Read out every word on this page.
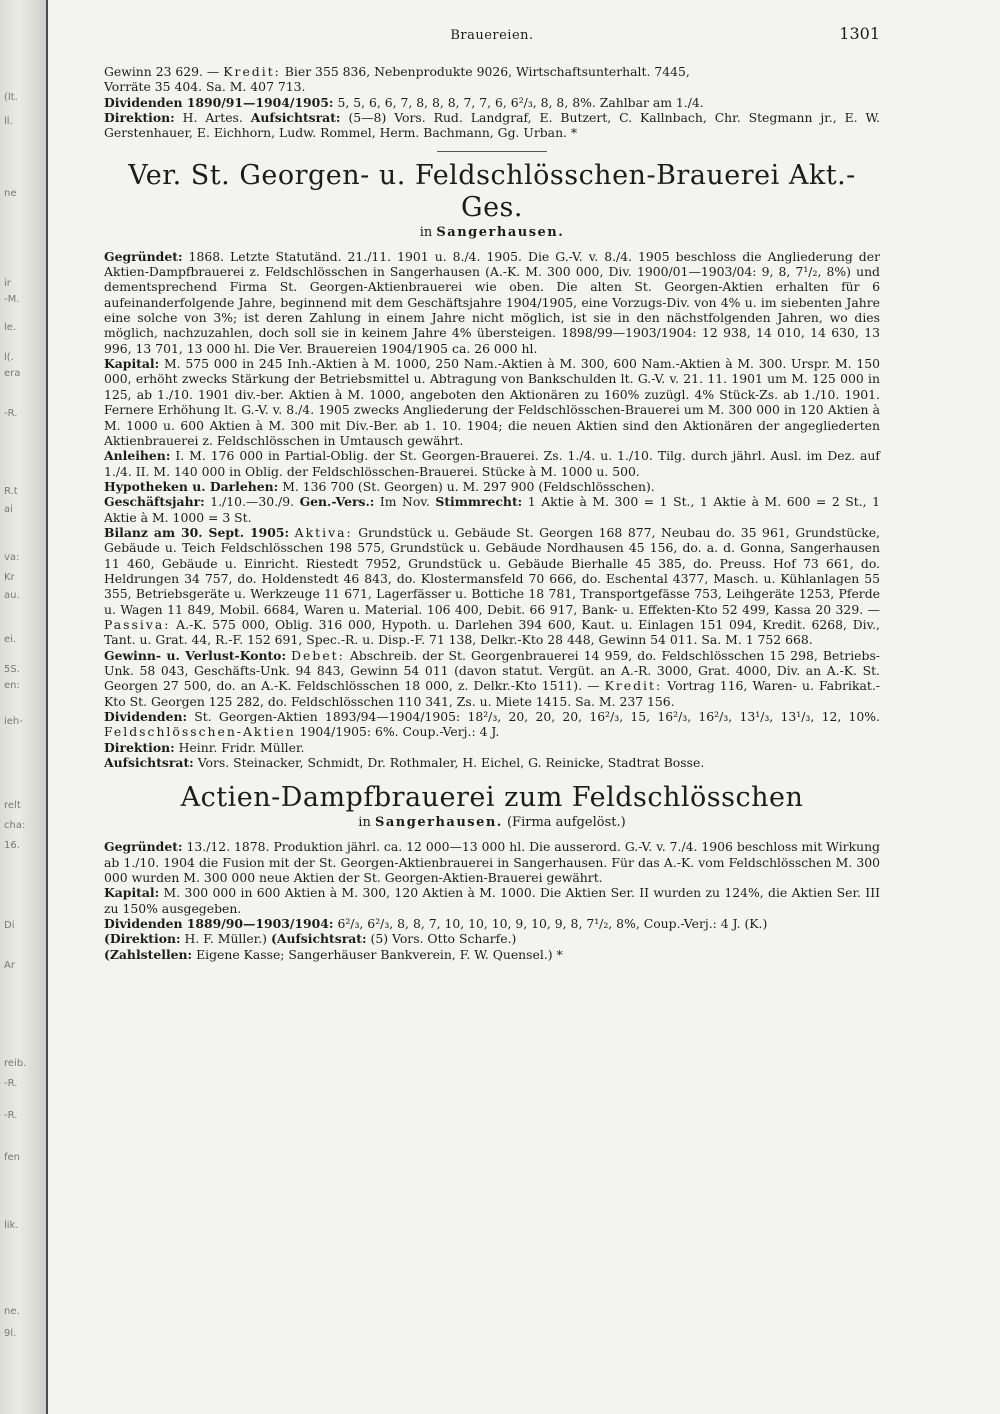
(lt.
ll.
ne
ir
-M.
le.
l(.
era
-R.
R.t
ai
va:
Kr
au.
ei.
5S.
en:
ieh-
relt
cha:
16.
Di
Ar
reib.
-R.
-R.
fen
lik.
ne.
9l.
Brauereien.	1301

Gewinn 23 629. — Kredit: Bier 355 836, Nebenprodukte 9026, Wirtschaftsunterhalt. 7445,

Vorräte 35 404. Sa. M. 407 713.

Dividenden 1890/91—1904/1905: 5, 5, 6, 6, 7, 8, 8, 8, 7, 7, 6, 6²/₃, 8, 8, 8%. Zahlbar am 1./4.

Direktion: H. Artes. Aufsichtsrat: (5—8) Vors. Rud. Landgraf, E. Butzert, C. Kallnbach, Chr. Stegmann jr., E. W. Gerstenhauer, E. Eichhorn, Ludw. Rommel, Herm. Bachmann, Gg. Urban. *

Ver. St. Georgen- u. Feldschlösschen-Brauerei Akt.-Ges.
in Sangerhausen.

Gegründet: 1868. Letzte Statutänd. 21./11. 1901 u. 8./4. 1905. Die G.-V. v. 8./4. 1905 beschloss die Angliederung der Aktien-Dampfbrauerei z. Feldschlösschen in Sangerhausen (A.-K. M. 300 000, Div. 1900/01—1903/04: 9, 8, 7¹/₂, 8%) und dementsprechend Firma St. Georgen-Aktienbrauerei wie oben. Die alten St. Georgen-Aktien erhalten für 6 aufeinanderfolgende Jahre, beginnend mit dem Geschäftsjahre 1904/1905, eine Vorzugs-Div. von 4% u. im siebenten Jahre eine solche von 3%; ist deren Zahlung in einem Jahre nicht möglich, ist sie in den nächstfolgenden Jahren, wo dies möglich, nachzuzahlen, doch soll sie in keinem Jahre 4% übersteigen. 1898/99—1903/1904: 12 938, 14 010, 14 630, 13 996, 13 701, 13 000 hl. Die Ver. Brauereien 1904/1905 ca. 26 000 hl.

Kapital: M. 575 000 in 245 Inh.-Aktien à M. 1000, 250 Nam.-Aktien à M. 300, 600 Nam.-Aktien à M. 300. Urspr. M. 150 000, erhöht zwecks Stärkung der Betriebsmittel u. Abtragung von Bankschulden lt. G.-V. v. 21. 11. 1901 um M. 125 000 in 125, ab 1./10. 1901 div.-ber. Aktien à M. 1000, angeboten den Aktionären zu 160% zuzügl. 4% Stück-Zs. ab 1./10. 1901. Fernere Erhöhung lt. G.-V. v. 8./4. 1905 zwecks Angliederung der Feldschlösschen-Brauerei um M. 300 000 in 120 Aktien à M. 1000 u. 600 Aktien à M. 300 mit Div.-Ber. ab 1. 10. 1904; die neuen Aktien sind den Aktionären der angegliederten Aktienbrauerei z. Feldschlösschen in Umtausch gewährt.

Anleihen: I. M. 176 000 in Partial-Oblig. der St. Georgen-Brauerei. Zs. 1./4. u. 1./10. Tilg. durch jährl. Ausl. im Dez. auf 1./4. II. M. 140 000 in Oblig. der Feldschlösschen-Brauerei. Stücke à M. 1000 u. 500.

Hypotheken u. Darlehen: M. 136 700 (St. Georgen) u. M. 297 900 (Feldschlösschen).

Geschäftsjahr: 1./10.—30./9. Gen.-Vers.: Im Nov. Stimmrecht: 1 Aktie à M. 300 = 1 St., 1 Aktie à M. 600 = 2 St., 1 Aktie à M. 1000 = 3 St.

Bilanz am 30. Sept. 1905: Aktiva: Grundstück u. Gebäude St. Georgen 168 877, Neubau do. 35 961, Grundstücke, Gebäude u. Teich Feldschlösschen 198 575, Grundstück u. Gebäude Nordhausen 45 156, do. a. d. Gonna, Sangerhausen 11 460, Gebäude u. Einricht. Riestedt 7952, Grundstück u. Gebäude Bierhalle 45 385, do. Preuss. Hof 73 661, do. Heldrungen 34 757, do. Holdenstedt 46 843, do. Klostermansfeld 70 666, do. Eschental 4377, Masch. u. Kühlanlagen 55 355, Betriebsgeräte u. Werkzeuge 11 671, Lagerfässer u. Bottiche 18 781, Transportgefässe 753, Leihgeräte 1253, Pferde u. Wagen 11 849, Mobil. 6684, Waren u. Material. 106 400, Debit. 66 917, Bank- u. Effekten-Kto 52 499, Kassa 20 329. — Passiva: A.-K. 575 000, Oblig. 316 000, Hypoth. u. Darlehen 394 600, Kaut. u. Einlagen 151 094, Kredit. 6268, Div., Tant. u. Grat. 44, R.-F. 152 691, Spec.-R. u. Disp.-F. 71 138, Delkr.-Kto 28 448, Gewinn 54 011. Sa. M. 1 752 668.

Gewinn- u. Verlust-Konto: Debet: Abschreib. der St. Georgenbrauerei 14 959, do. Feldschlösschen 15 298, Betriebs-Unk. 58 043, Geschäfts-Unk. 94 843, Gewinn 54 011 (davon statut. Vergüt. an A.-R. 3000, Grat. 4000, Div. an A.-K. St. Georgen 27 500, do. an A.-K. Feldschlösschen 18 000, z. Delkr.-Kto 1511). — Kredit: Vortrag 116, Waren- u. Fabrikat.-Kto St. Georgen 125 282, do. Feldschlösschen 110 341, Zs. u. Miete 1415. Sa. M. 237 156.

Dividenden: St. Georgen-Aktien 1893/94—1904/1905: 18²/₃, 20, 20, 20, 16²/₃, 15, 16²/₃, 16²/₃, 13¹/₃, 13¹/₃, 12, 10%. Feldschlösschen-Aktien 1904/1905: 6%. Coup.-Verj.: 4 J.

Direktion: Heinr. Fridr. Müller.

Aufsichtsrat: Vors. Steinacker, Schmidt, Dr. Rothmaler, H. Eichel, G. Reinicke, Stadtrat Bosse.

Actien-Dampfbrauerei zum Feldschlösschen
in Sangerhausen. (Firma aufgelöst.)

Gegründet: 13./12. 1878. Produktion jährl. ca. 12 000—13 000 hl. Die ausserord. G.-V. v. 7./4. 1906 beschloss mit Wirkung ab 1./10. 1904 die Fusion mit der St. Georgen-Aktienbrauerei in Sangerhausen. Für das A.-K. vom Feldschlösschen M. 300 000 wurden M. 300 000 neue Aktien der St. Georgen-Aktien-Brauerei gewährt.

Kapital: M. 300 000 in 600 Aktien à M. 300, 120 Aktien à M. 1000. Die Aktien Ser. II wurden zu 124%, die Aktien Ser. III zu 150% ausgegeben.

Dividenden 1889/90—1903/1904: 6²/₃, 6²/₃, 8, 8, 7, 10, 10, 10, 9, 10, 9, 8, 7¹/₂, 8%, Coup.-Verj.: 4 J. (K.)

(Direktion: H. F. Müller.) (Aufsichtsrat: (5) Vors. Otto Scharfe.)

(Zahlstellen: Eigene Kasse; Sangerhäuser Bankverein, F. W. Quensel.) *
